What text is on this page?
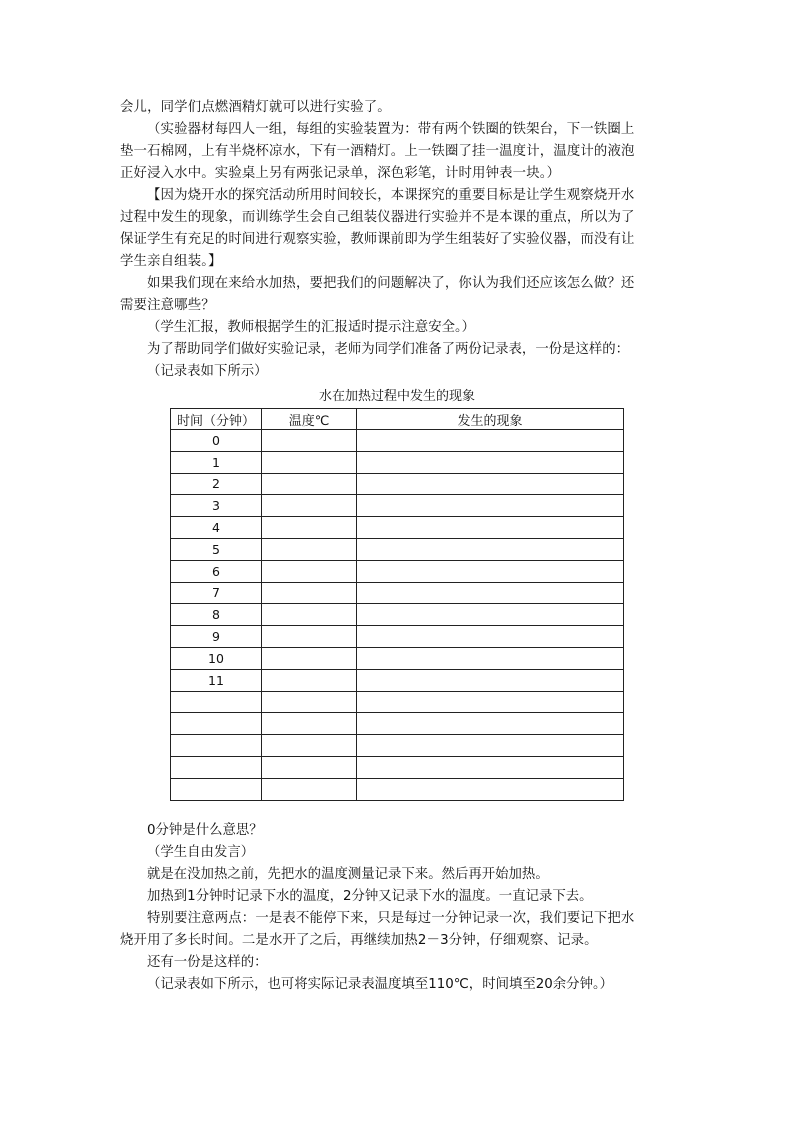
会儿，同学们点燃酒精灯就可以进行实验了。

（实验器材每四人一组，每组的实验装置为：带有两个铁圈的铁架台，下一铁圈上垫一石棉网，上有半烧杯凉水，下有一酒精灯。上一铁圈了挂一温度计，温度计的液泡正好浸入水中。实验桌上另有两张记录单，深色彩笔，计时用钟表一块。）

【因为烧开水的探究活动所用时间较长，本课探究的重要目标是让学生观察烧开水过程中发生的现象，而训练学生会自己组装仪器进行实验并不是本课的重点，所以为了保证学生有充足的时间进行观察实验，教师课前即为学生组装好了实验仪器，而没有让学生亲自组装。】

如果我们现在来给水加热，要把我们的问题解决了，你认为我们还应该怎么做？还需要注意哪些？

（学生汇报，教师根据学生的汇报适时提示注意安全。）

为了帮助同学们做好实验记录，老师为同学们准备了两份记录表，一份是这样的：

（记录表如下所示）

水在加热过程中发生的现象
时间（分钟）	温度℃	发生的现象
0		
1		
2		
3		
4		
5		
6		
7		
8		
9		
10		
11		

0分钟是什么意思？

（学生自由发言）

就是在没加热之前，先把水的温度测量记录下来。然后再开始加热。

加热到1分钟时记录下水的温度，2分钟又记录下水的温度。一直记录下去。

特别要注意两点：一是表不能停下来，只是每过一分钟记录一次，我们要记下把水烧开用了多长时间。二是水开了之后，再继续加热2－3分钟，仔细观察、记录。

还有一份是这样的：

（记录表如下所示，也可将实际记录表温度填至110℃，时间填至20余分钟。）
